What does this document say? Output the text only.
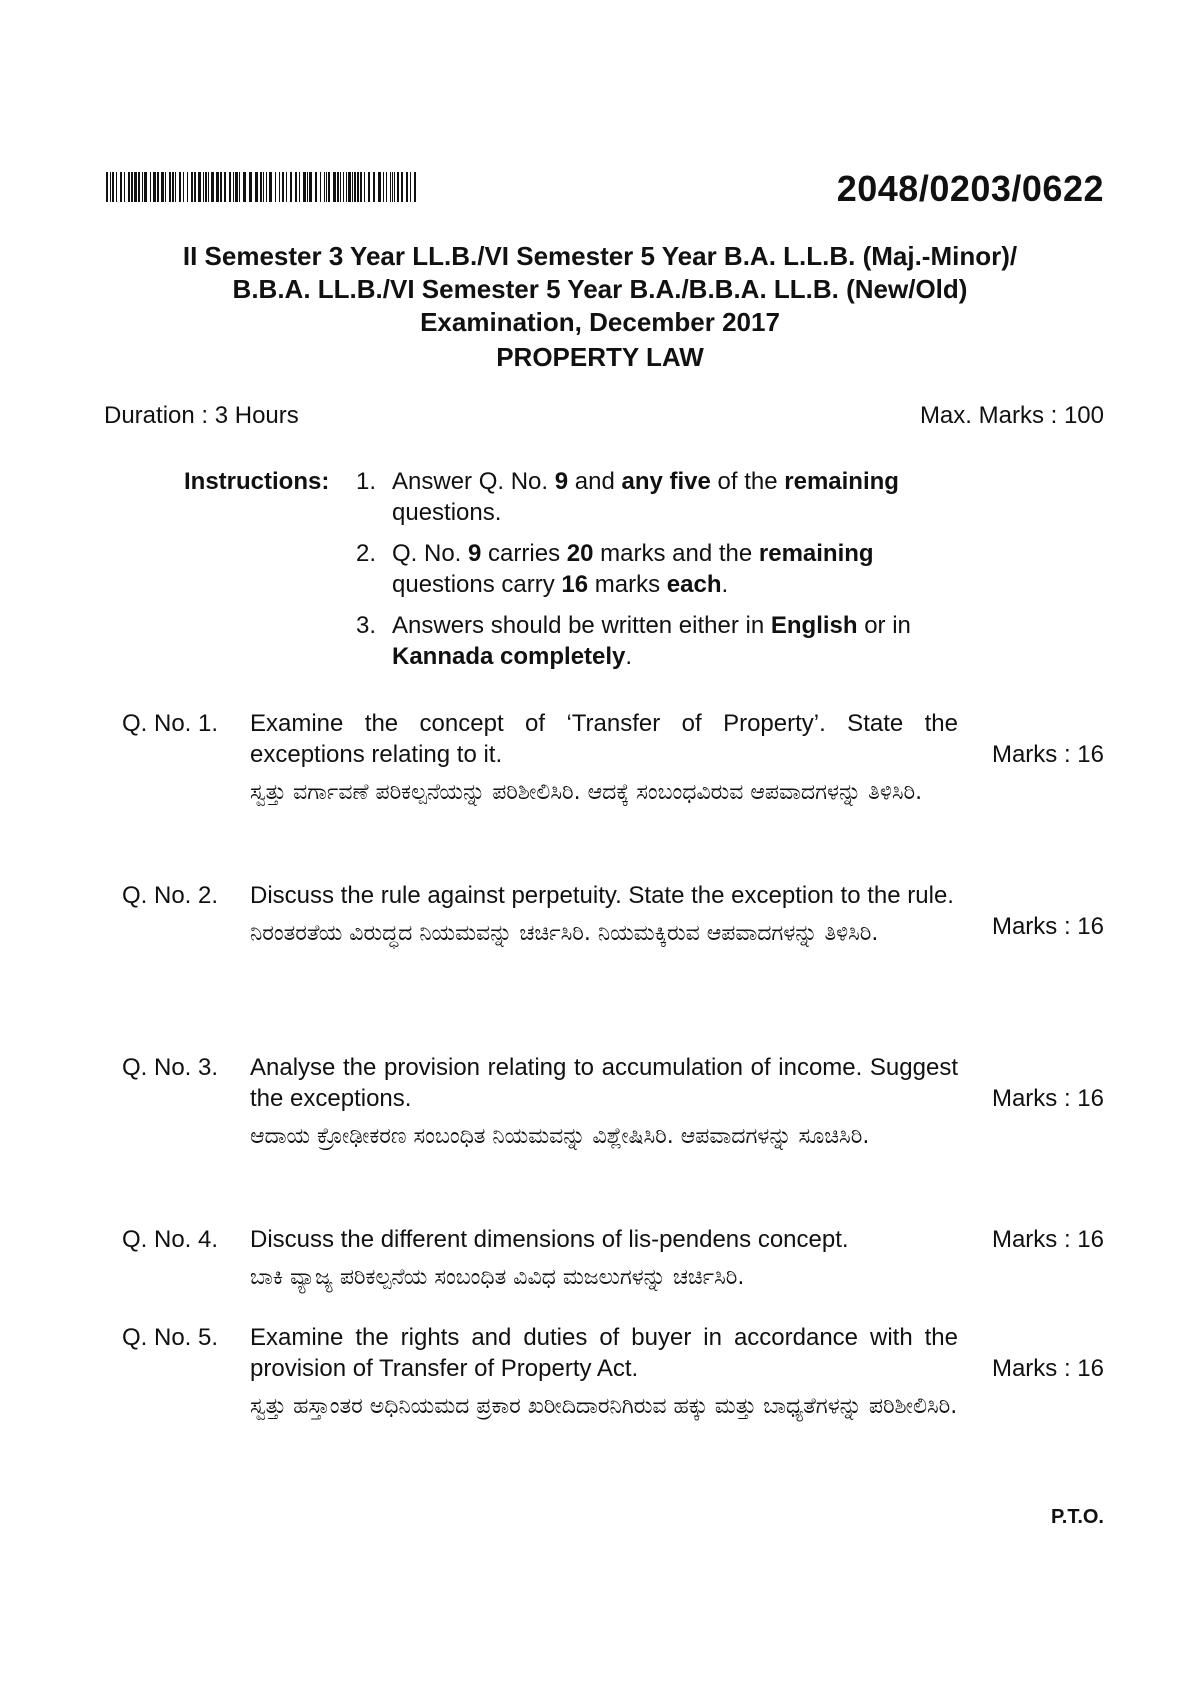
2048/0203/0622
II Semester 3 Year LL.B./VI Semester 5 Year B.A. L.L.B. (Maj.-Minor)/
B.B.A. LL.B./VI Semester 5 Year B.A./B.B.A. LL.B. (New/Old)
Examination, December 2017
PROPERTY LAW
Duration : 3 Hours	Max. Marks : 100
Instructions: 1. Answer Q. No. 9 and any five of the remaining questions.
2. Q. No. 9 carries 20 marks and the remaining questions carry 16 marks each.
3. Answers should be written either in English or in Kannada completely.
Q. No. 1. Examine the concept of ‘Transfer of Property’. State the exceptions relating to it.	Marks : 16
ಸ್ವತ್ತು ವರ್ಗಾವಣೆ ಪರಿಕಲ್ಪನೆಯನ್ನು ಪರಿಶೀಲಿಸಿರಿ. ಆದಕ್ಕೆ ಸಂಬಂಧವಿರುವ ಆಪವಾದಗಳನ್ನು ತಿಳಿಸಿರಿ.
Q. No. 2. Discuss the rule against perpetuity. State the exception to the rule.
Marks : 16
ನಿರಂತರತೆಯ ವಿರುದ್ಧದ ನಿಯಮವನ್ನು ಚರ್ಚಿಸಿರಿ. ನಿಯಮಕ್ಕಿರುವ ಆಪವಾದಗಳನ್ನು ತಿಳಿಸಿರಿ.
Q. No. 3. Analyse the provision relating to accumulation of income. Suggest the exceptions.	Marks : 16
ಆದಾಯ ಕ್ರೋಢೀಕರಣ ಸಂಬಂಧಿತ ನಿಯಮವನ್ನು ವಿಶ್ಲೇಷಿಸಿರಿ. ಆಪವಾದಗಳನ್ನು ಸೂಚಿಸಿರಿ.
Q. No. 4. Discuss the different dimensions of lis-pendens concept.	Marks : 16
ಬಾಕಿ ವ್ಯಾಜ್ಯ ಪರಿಕಲ್ಪನೆಯ ಸಂಬಂಧಿತ ವಿವಿಧ ಮಜಲುಗಳನ್ನು ಚರ್ಚಿಸಿರಿ.
Q. No. 5. Examine the rights and duties of buyer in accordance with the provision of Transfer of Property Act.	Marks : 16
ಸ್ವತ್ತು ಹಸ್ತಾಂತರ ಅಧಿನಿಯಮದ ಪ್ರಕಾರ ಖರೀದಿದಾರನಿಗಿರುವ ಹಕ್ಕು ಮತ್ತು ಬಾಧ್ಯತೆಗಳನ್ನು ಪರಿಶೀಲಿಸಿರಿ.
P.T.O.
